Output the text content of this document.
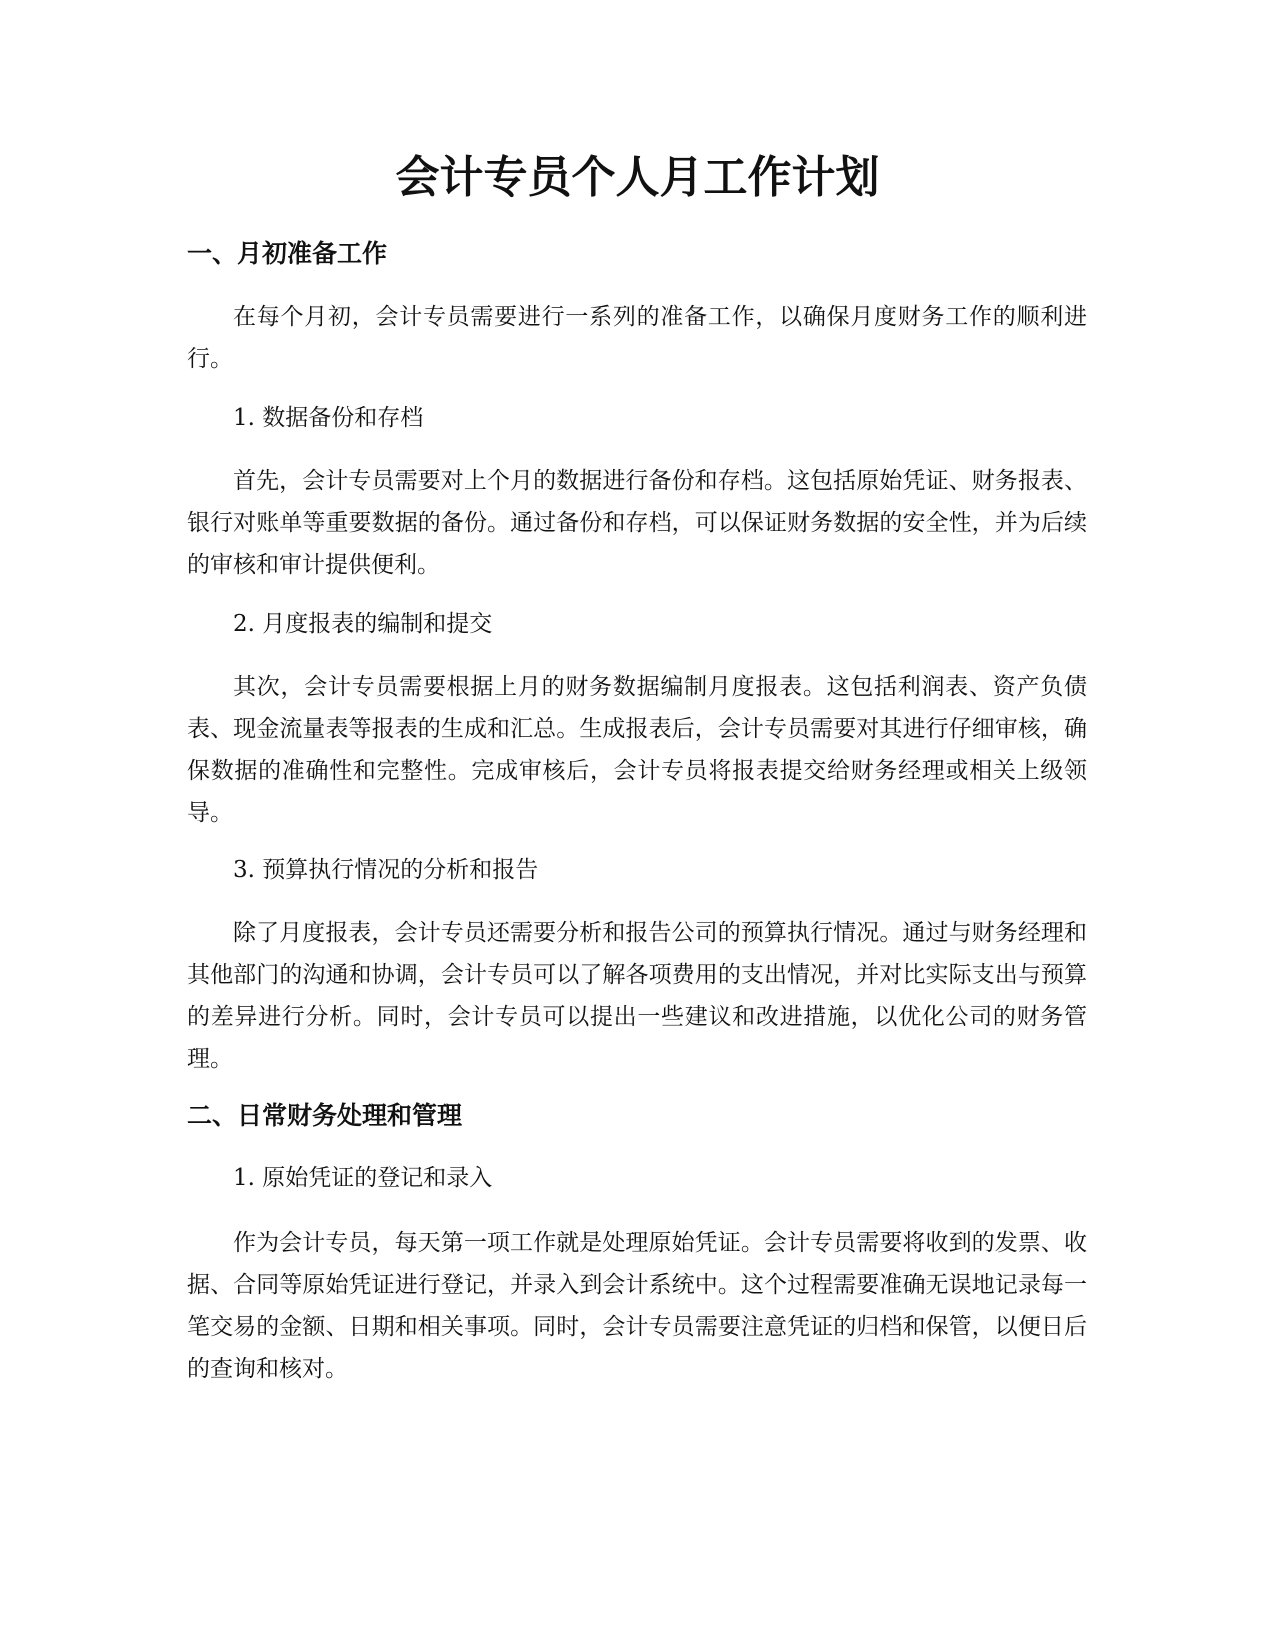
会计专员个人月工作计划
一、月初准备工作

在每个月初，会计专员需要进行一系列的准备工作，以确保月度财务工作的顺利进行。

1. 数据备份和存档

首先，会计专员需要对上个月的数据进行备份和存档。这包括原始凭证、财务报表、银行对账单等重要数据的备份。通过备份和存档，可以保证财务数据的安全性，并为后续的审核和审计提供便利。

2. 月度报表的编制和提交

其次，会计专员需要根据上月的财务数据编制月度报表。这包括利润表、资产负债表、现金流量表等报表的生成和汇总。生成报表后，会计专员需要对其进行仔细审核，确保数据的准确性和完整性。完成审核后，会计专员将报表提交给财务经理或相关上级领导。

3. 预算执行情况的分析和报告

除了月度报表，会计专员还需要分析和报告公司的预算执行情况。通过与财务经理和其他部门的沟通和协调，会计专员可以了解各项费用的支出情况，并对比实际支出与预算的差异进行分析。同时，会计专员可以提出一些建议和改进措施，以优化公司的财务管理。

二、日常财务处理和管理

1. 原始凭证的登记和录入

作为会计专员，每天第一项工作就是处理原始凭证。会计专员需要将收到的发票、收据、合同等原始凭证进行登记，并录入到会计系统中。这个过程需要准确无误地记录每一笔交易的金额、日期和相关事项。同时，会计专员需要注意凭证的归档和保管，以便日后的查询和核对。
